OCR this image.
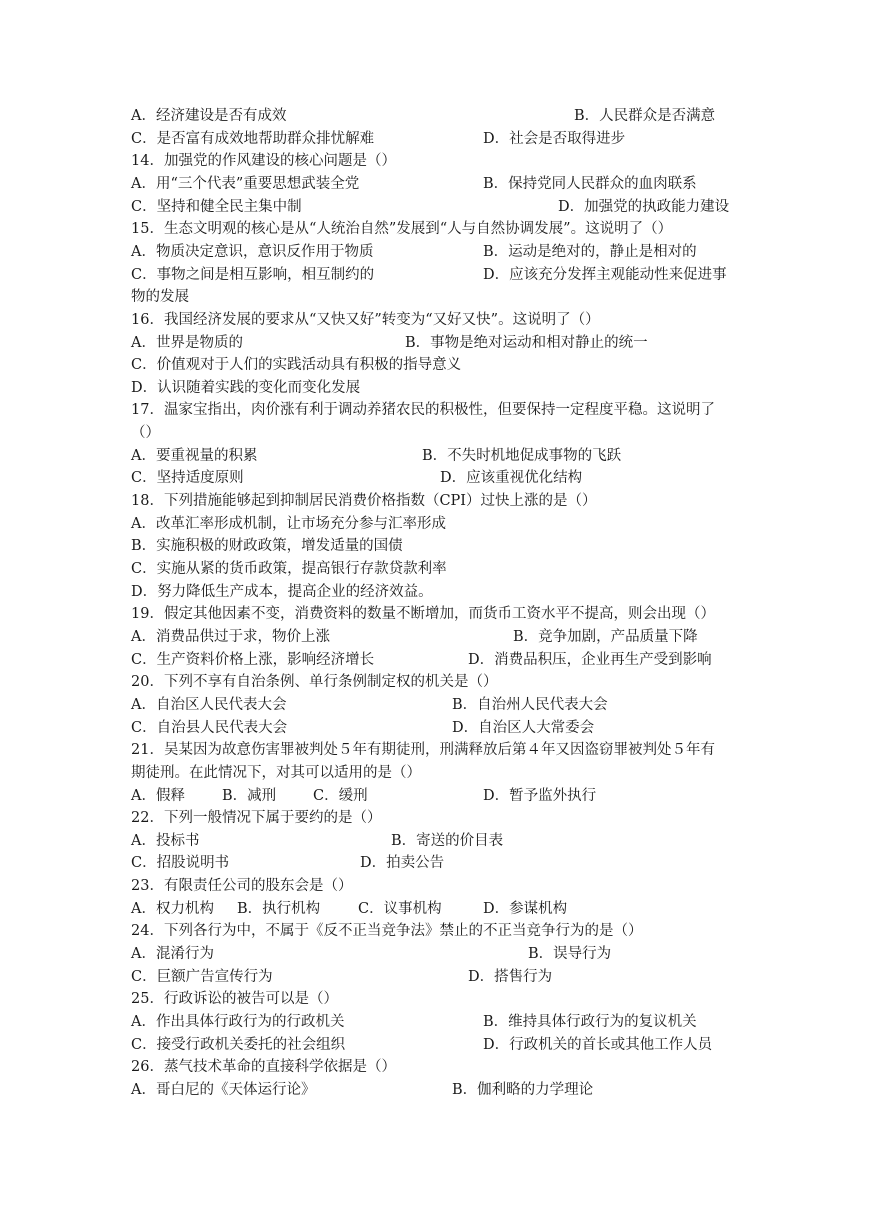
A．经济建设是否有成效	B．人民群众是否满意
C．是否富有成效地帮助群众排忧解难	D．社会是否取得进步
14．加强党的作风建设的核心问题是（）
A．用“三个代表”重要思想武装全党	B．保持党同人民群众的血肉联系
C．坚持和健全民主集中制	D．加强党的执政能力建设
15．生态文明观的核心是从“人统治自然”发展到“人与自然协调发展”。这说明了（）
A．物质决定意识，意识反作用于物质	B．运动是绝对的，静止是相对的
C．事物之间是相互影响，相互制约的	D．应该充分发挥主观能动性来促进事
物的发展
16．我国经济发展的要求从“又快又好”转变为“又好又快”。这说明了（）
A．世界是物质的	B．事物是绝对运动和相对静止的统一
C．价值观对于人们的实践活动具有积极的指导意义
D．认识随着实践的变化而变化发展
17．温家宝指出，肉价涨有利于调动养猪农民的积极性，但要保持一定程度平稳。这说明了
（）
A．要重视量的积累	B．不失时机地促成事物的飞跃
C．坚持适度原则	D．应该重视优化结构
18．下列措施能够起到抑制居民消费价格指数（CPI）过快上涨的是（）
A．改革汇率形成机制，让市场充分参与汇率形成
B．实施积极的财政政策，增发适量的国债
C．实施从紧的货币政策，提高银行存款贷款利率
D．努力降低生产成本，提高企业的经济效益。
19．假定其他因素不变，消费资料的数量不断增加，而货币工资水平不提高，则会出现（）
A．消费品供过于求，物价上涨	B．竞争加剧，产品质量下降
C．生产资料价格上涨，影响经济增长	D．消费品积压，企业再生产受到影响
20．下列不享有自治条例、单行条例制定权的机关是（）
A．自治区人民代表大会	B．自治州人民代表大会
C．自治县人民代表大会	D．自治区人大常委会
21．吴某因为故意伤害罪被判处５年有期徒刑，刑满释放后第４年又因盗窃罪被判处５年有
期徒刑。在此情况下，对其可以适用的是（）
A．假释	B．减刑	C．缓刑	D．暂予监外执行
22．下列一般情况下属于要约的是（）
A．投标书	B．寄送的价目表
C．招股说明书	D．拍卖公告
23．有限责任公司的股东会是（）
A．权力机构 B．执行机构	C．议事机构	D．参谋机构
24．下列各行为中，不属于《反不正当竞争法》禁止的不正当竞争行为的是（）
A．混淆行为	B．误导行为
C．巨额广告宣传行为	D．搭售行为
25．行政诉讼的被告可以是（）
A．作出具体行政行为的行政机关	B．维持具体行政行为的复议机关
C．接受行政机关委托的社会组织	D．行政机关的首长或其他工作人员
26．蒸气技术革命的直接科学依据是（）
A．哥白尼的《天体运行论》	B．伽利略的力学理论
